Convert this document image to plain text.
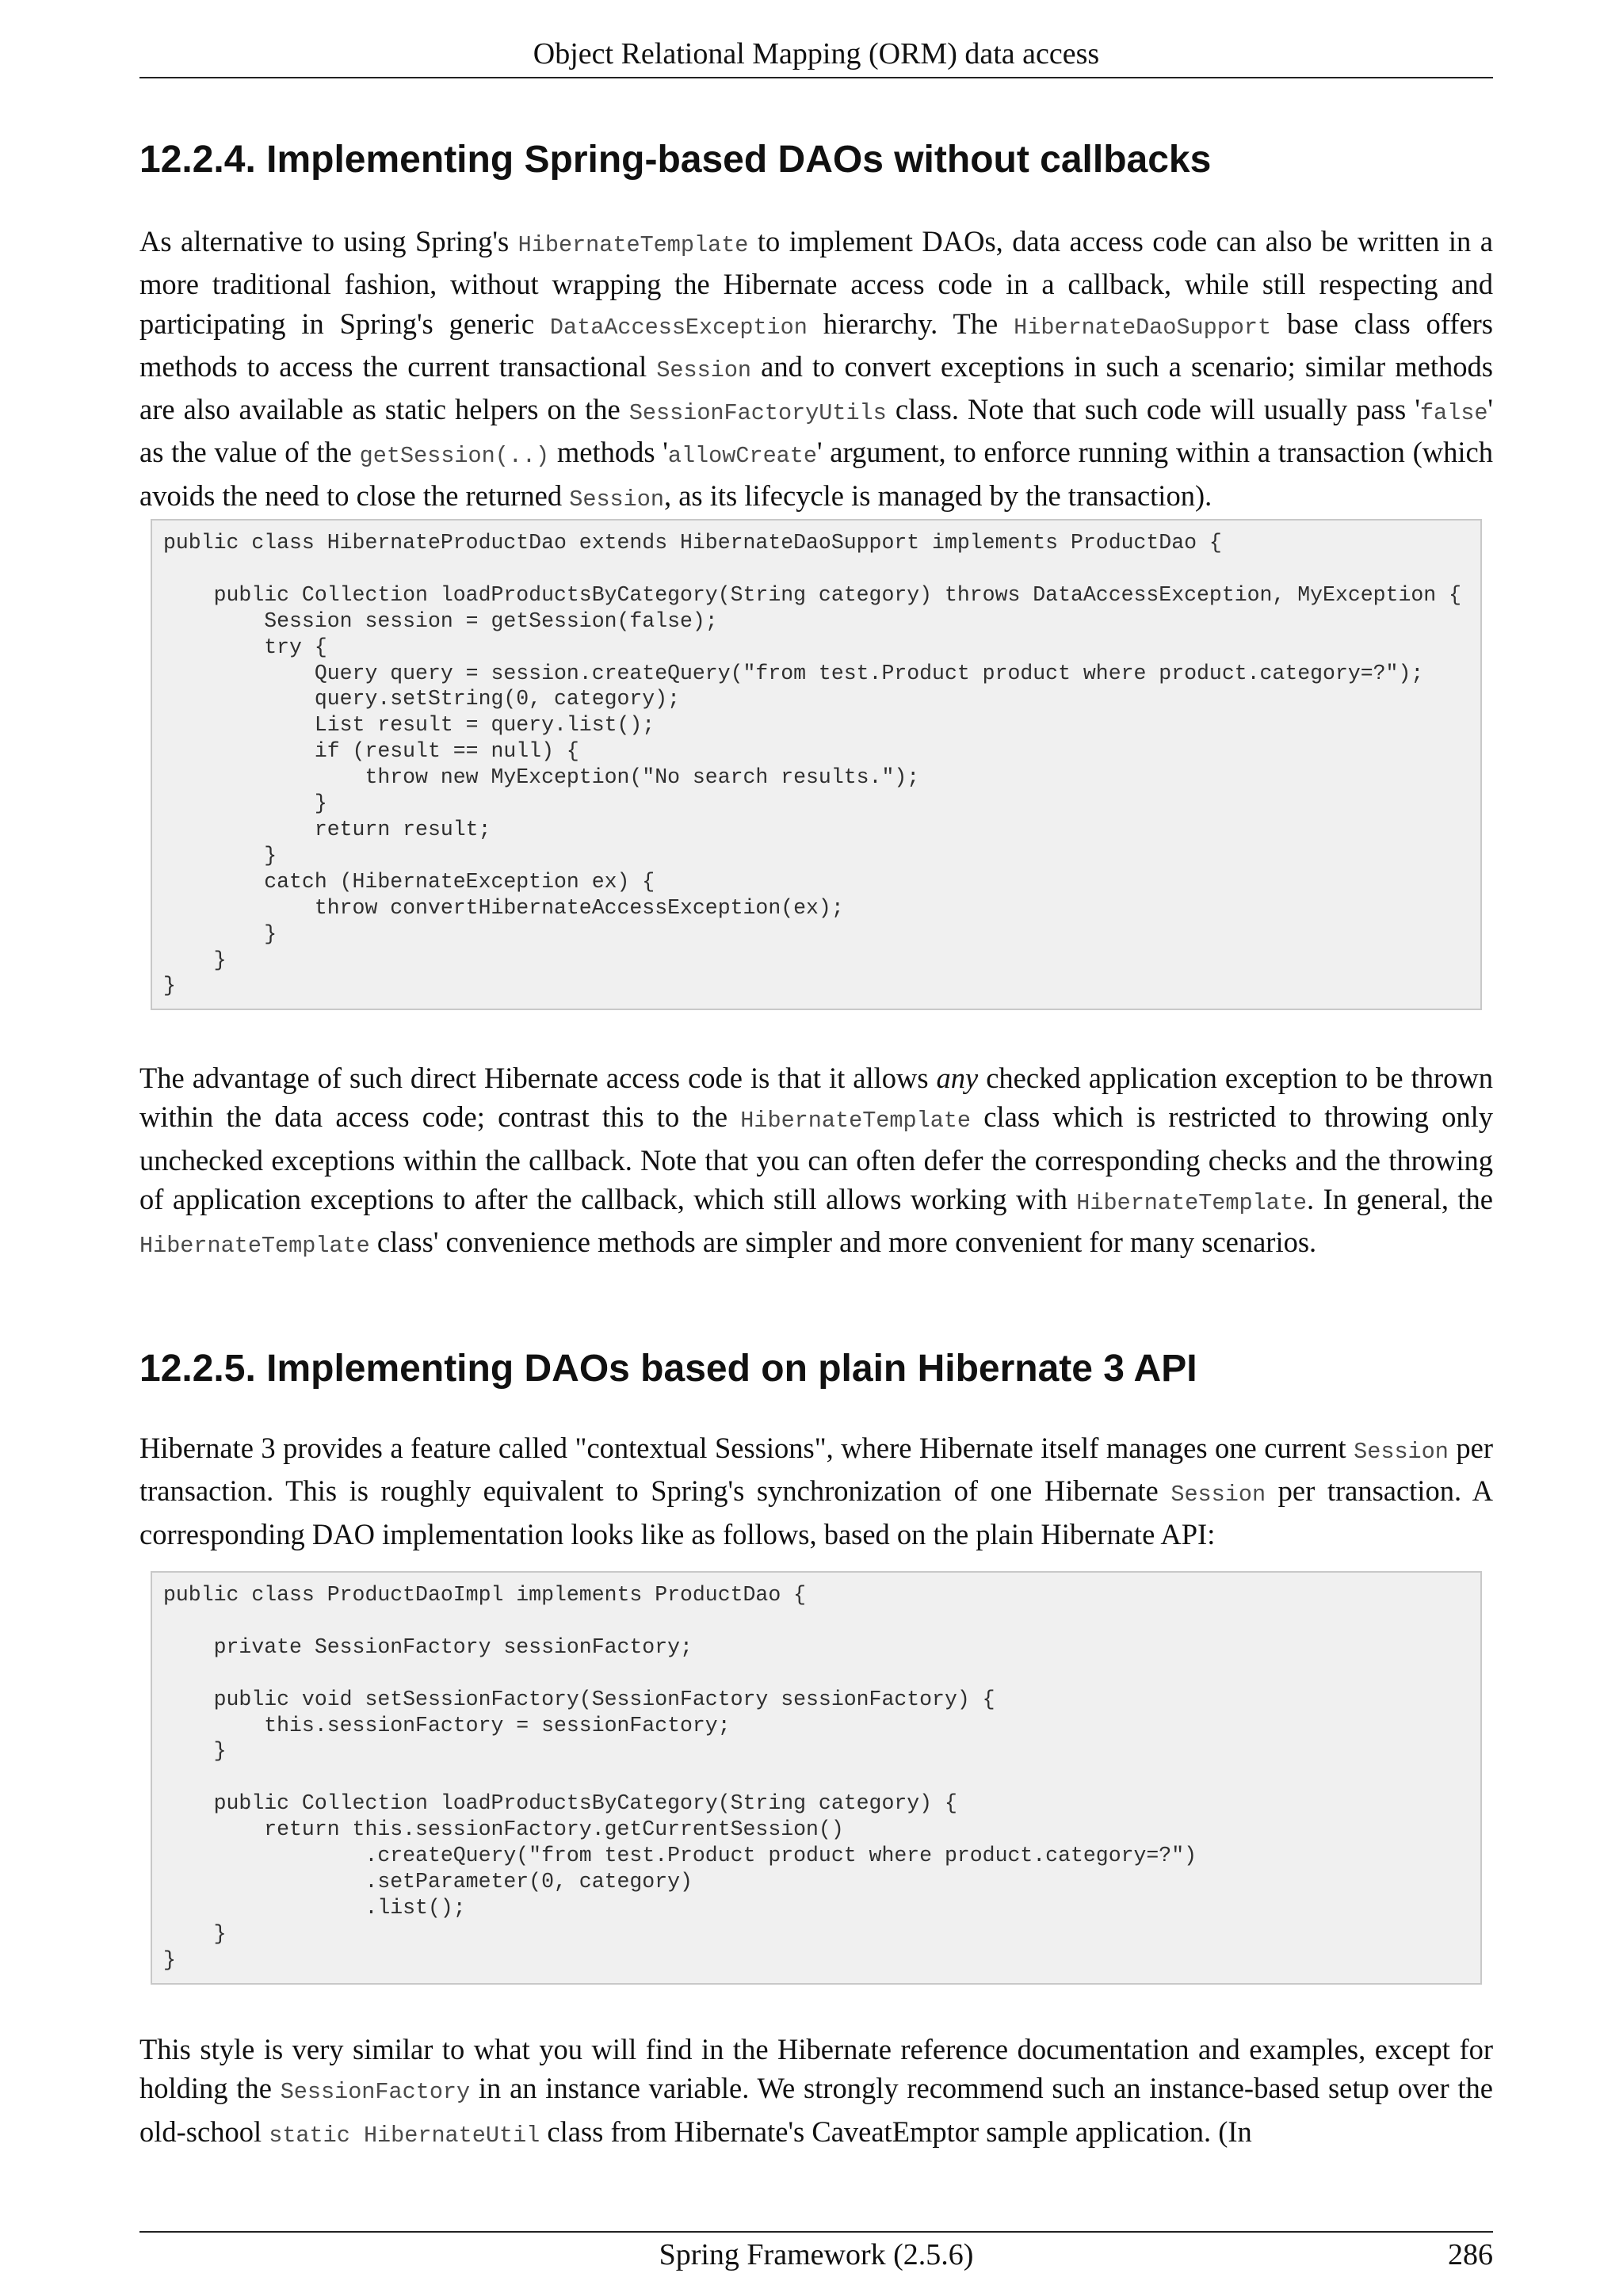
Object Relational Mapping (ORM) data access
12.2.4. Implementing Spring-based DAOs without callbacks

As alternative to using Spring's HibernateTemplate to implement DAOs, data access code can also be written in a more traditional fashion, without wrapping the Hibernate access code in a callback, while still respecting and participating in Spring's generic DataAccessException hierarchy. The HibernateDaoSupport base class offers methods to access the current transactional Session and to convert exceptions in such a scenario; similar methods are also available as static helpers on the SessionFactoryUtils class. Note that such code will usually pass 'false' as the value of the getSession(..) methods 'allowCreate' argument, to enforce running within a transaction (which avoids the need to close the returned Session, as its lifecycle is managed by the transaction).

public class HibernateProductDao extends HibernateDaoSupport implements ProductDao {

public Collection loadProductsByCategory(String category) throws DataAccessException, MyException {
Session session = getSession(false);
try {
Query query = session.createQuery("from test.Product product where product.category=?");
query.setString(0, category);
List result = query.list();
if (result == null) {
throw new MyException("No search results.");
}
return result;
}
catch (HibernateException ex) {
throw convertHibernateAccessException(ex);
}
}
}

The advantage of such direct Hibernate access code is that it allows any checked application exception to be thrown within the data access code; contrast this to the HibernateTemplate class which is restricted to throwing only unchecked exceptions within the callback. Note that you can often defer the corresponding checks and the throwing of application exceptions to after the callback, which still allows working with HibernateTemplate. In general, the HibernateTemplate class' convenience methods are simpler and more convenient for many scenarios.

12.2.5. Implementing DAOs based on plain Hibernate 3 API

Hibernate 3 provides a feature called "contextual Sessions", where Hibernate itself manages one current Session per transaction. This is roughly equivalent to Spring's synchronization of one Hibernate Session per transaction. A corresponding DAO implementation looks like as follows, based on the plain Hibernate API:

public class ProductDaoImpl implements ProductDao {

private SessionFactory sessionFactory;

public void setSessionFactory(SessionFactory sessionFactory) {
this.sessionFactory = sessionFactory;
}

public Collection loadProductsByCategory(String category) {
return this.sessionFactory.getCurrentSession()
.createQuery("from test.Product product where product.category=?")
.setParameter(0, category)
.list();
}
}

This style is very similar to what you will find in the Hibernate reference documentation and examples, except for holding the SessionFactory in an instance variable. We strongly recommend such an instance-based setup over the old-school static HibernateUtil class from Hibernate's CaveatEmptor sample application. (In

Spring Framework (2.5.6)	286
